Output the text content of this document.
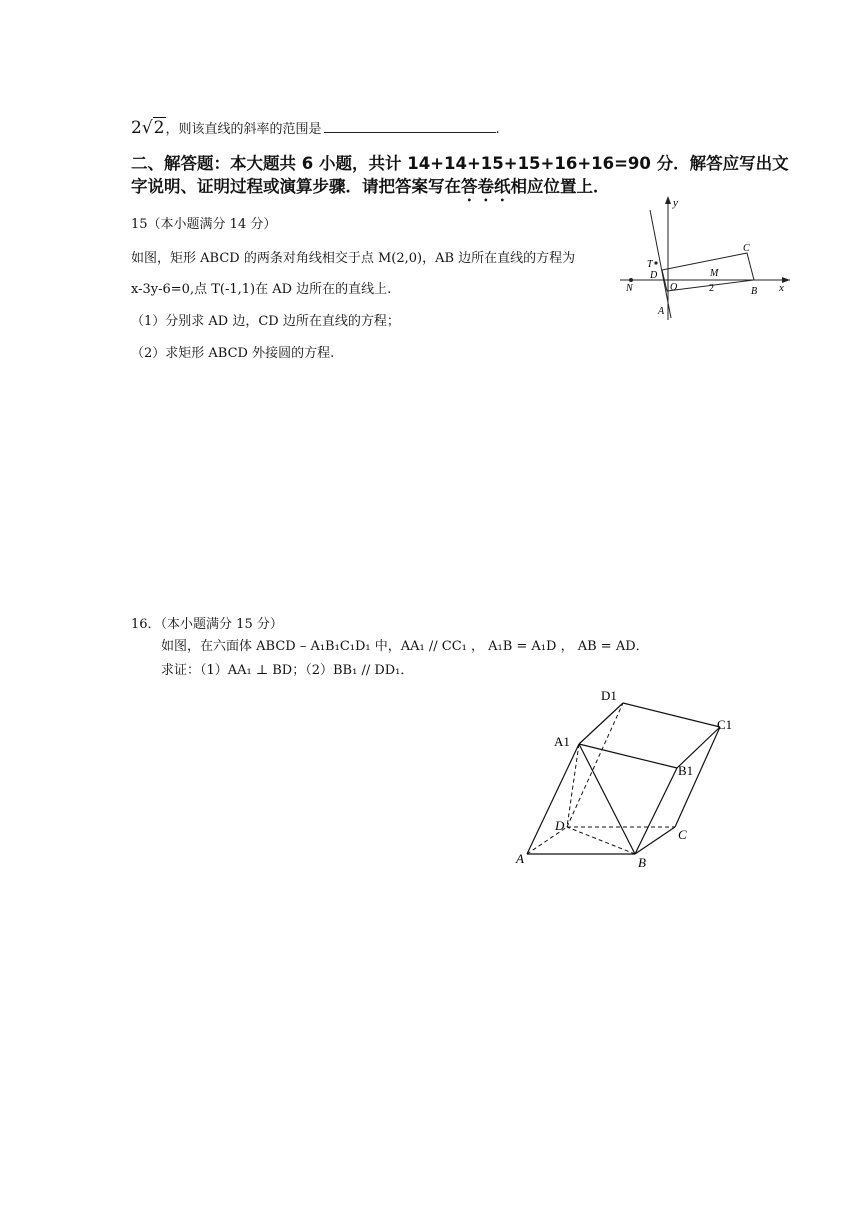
2√2，则该直线的斜率的范围是	.
二、解答题：本大题共 6 小题，共计 14+14+15+15+16+16=90 分．解答应写出文
字说明、证明过程或演算步骤．请把答案写在答卷纸相应位置上．
15（本小题满分 14 分）
如图，矩形 ABCD 的两条对角线相交于点 M(2,0)，AB 边所在直线的方程为
x-3y-6=0,点 T(-1,1)在 AD 边所在的直线上.
（1）分别求 AD 边，CD 边所在直线的方程；
（2）求矩形 ABCD 外接圆的方程.
y
x
T
D
C
M
N	O	2	B
A
16．（本小题满分 15 分）
如图，在六面体 ABCD – A₁B₁C₁D₁ 中，AA₁ // CC₁ ， A₁B = A₁D ， AB = AD．
求证：（1）AA₁ ⊥ BD；（2）BB₁ // DD₁．
D1
C1
A1
B1
D
C
A	B
